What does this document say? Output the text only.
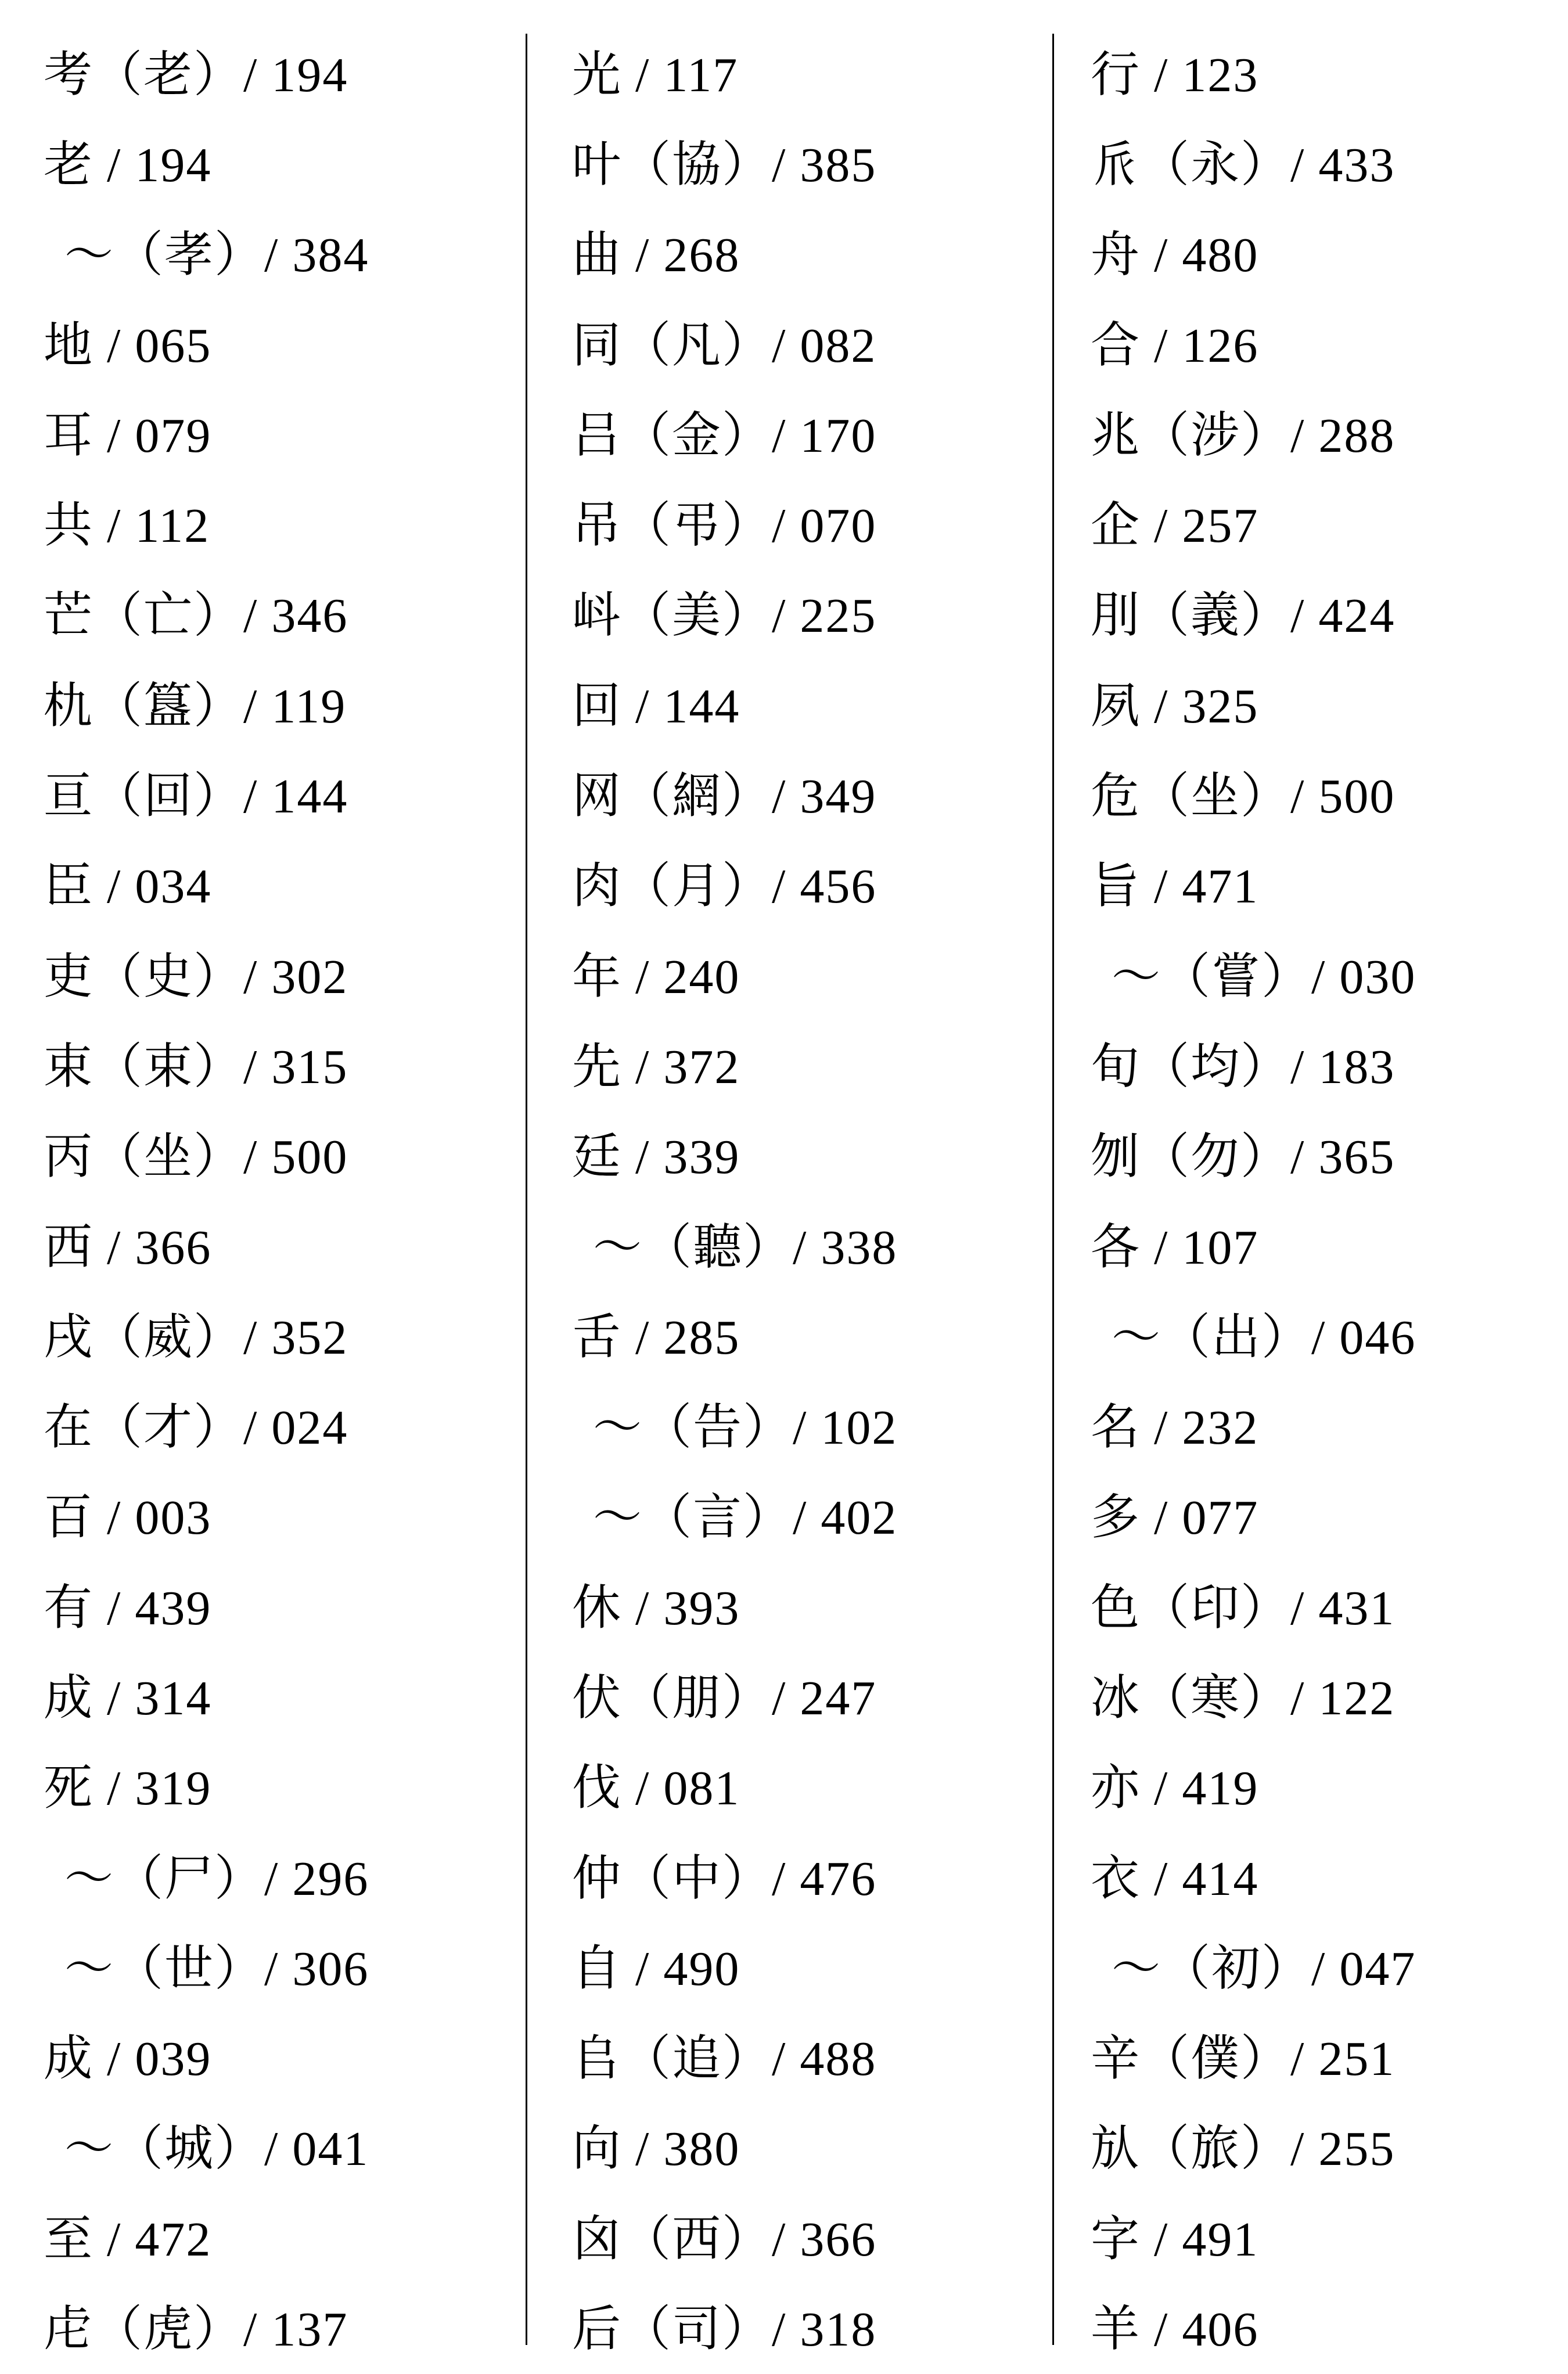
考（老）/ 194
老 / 194
～（孝）/ 384
地 / 065
耳 / 079
共 / 112
芒（亡）/ 346
朹（簋）/ 119
亘（回）/ 144
臣 / 034
吏（史）/ 302
束（束）/ 315
丙（坐）/ 500
西 / 366
戌（威）/ 352
在（才）/ 024
百 / 003
有 / 439
成 / 314
死 / 319
～（尸）/ 296
～（世）/ 306
成 / 039
～（城）/ 041
至 / 472
虍（虎）/ 137
光 / 117
叶（協）/ 385
曲 / 268
同（凡）/ 082
吕（金）/ 170
吊（弔）/ 070
㞳（美）/ 225
回 / 144
网（網）/ 349
肉（月）/ 456
年 / 240
先 / 372
廷 / 339
～（聽）/ 338
舌 / 285
～（告）/ 102
～（言）/ 402
休 / 393
伏（朋）/ 247
伐 / 081
仲（中）/ 476
自 / 490
𠂤（追）/ 488
向 / 380
囟（西）/ 366
后（司）/ 318
行 / 123
𠂢（永）/ 433
舟 / 480
合 / 126
兆（涉）/ 288
企 / 257
刖（義）/ 424
夙 / 325
危（坐）/ 500
旨 / 471
～（嘗）/ 030
旬（均）/ 183
刎（勿）/ 365
各 / 107
～（出）/ 046
名 / 232
多 / 077
色（印）/ 431
冰（寒）/ 122
亦 / 419
衣 / 414
～（初）/ 047
辛（僕）/ 251
㫃（旅）/ 255
字 / 491
羊 / 406
